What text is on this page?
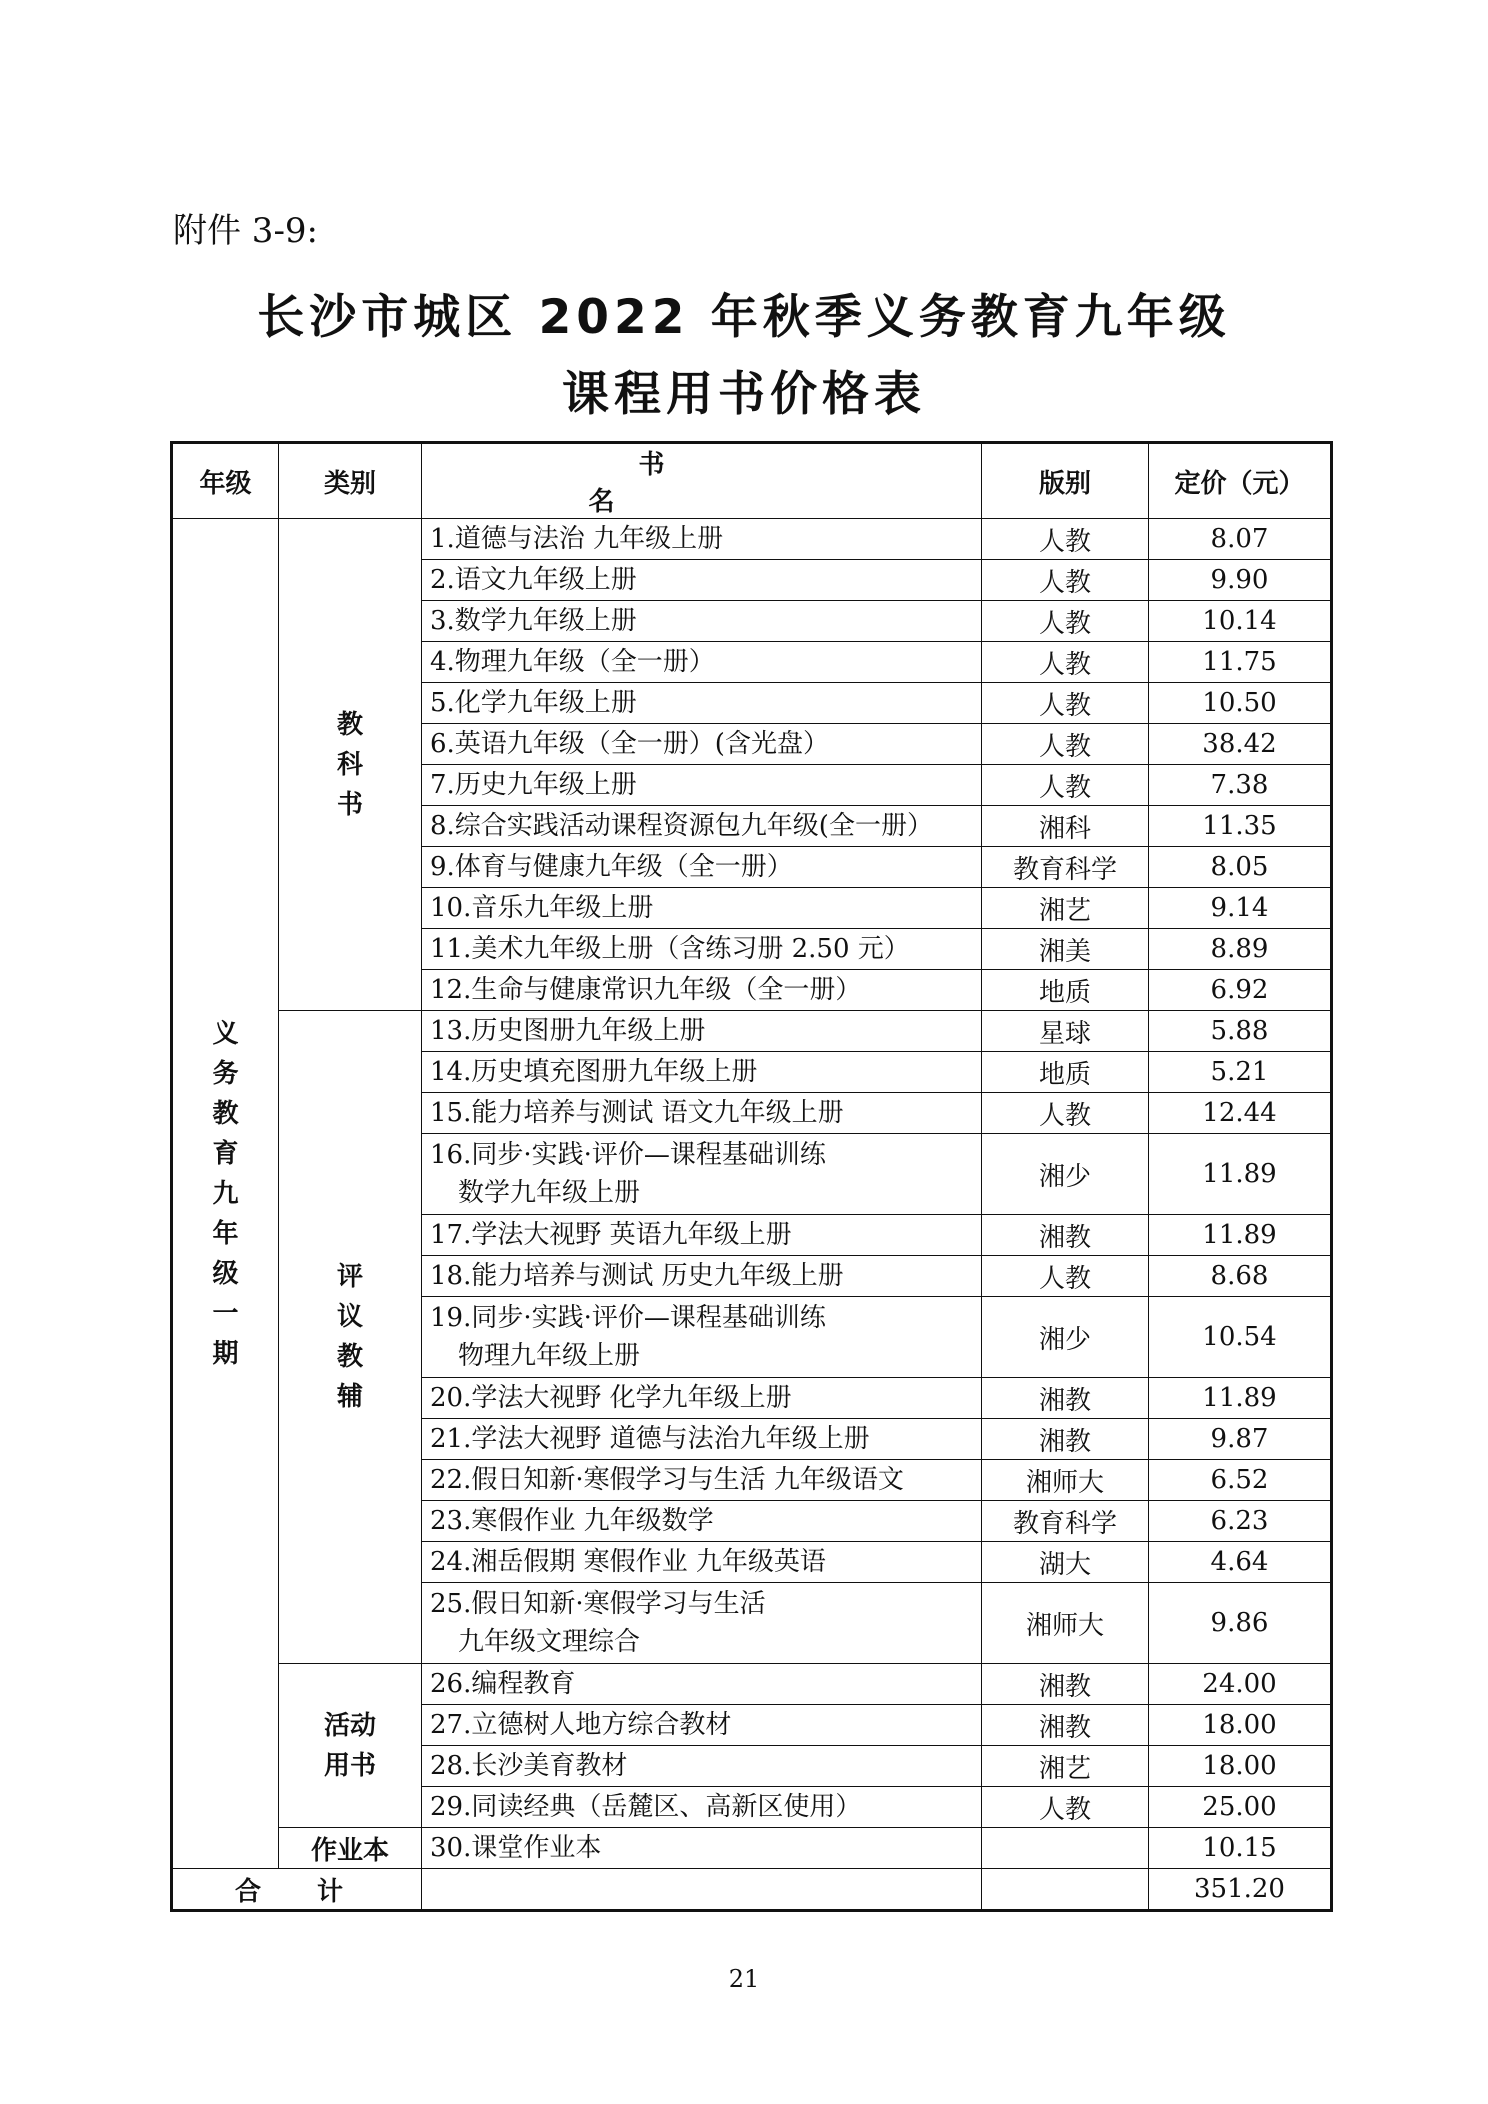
附件 3-9:
长沙市城区 2022 年秋季义务教育九年级
课程用书价格表
年级	类别	书 名	版别	定价（元）
义务教育九年级一期	教科书	1.道德与法治 九年级上册	人教	8.07
		2.语文九年级上册	人教	9.90
		3.数学九年级上册	人教	10.14
		4.物理九年级（全一册）	人教	11.75
		5.化学九年级上册	人教	10.50
		6.英语九年级（全一册）(含光盘）	人教	38.42
		7.历史九年级上册	人教	7.38
		8.综合实践活动课程资源包九年级(全一册）	湘科	11.35
		9.体育与健康九年级（全一册）	教育科学	8.05
		10.音乐九年级上册	湘艺	9.14
		11.美术九年级上册（含练习册 2.50 元）	湘美	8.89
		12.生命与健康常识九年级（全一册）	地质	6.92
	评议教辅	13.历史图册九年级上册	星球	5.88
		14.历史填充图册九年级上册	地质	5.21
		15.能力培养与测试 语文九年级上册	人教	12.44

		16.同步·实践·评价—课程基础训练
数学九年级上册	湘少	11.89
		17.学法大视野 英语九年级上册	湘教	11.89
		18.能力培养与测试 历史九年级上册	人教	8.68

		19.同步·实践·评价—课程基础训练
物理九年级上册	湘少	10.54
		20.学法大视野 化学九年级上册	湘教	11.89
		21.学法大视野 道德与法治九年级上册	湘教	9.87
		22.假日知新·寒假学习与生活 九年级语文	湘师大	6.52
		23.寒假作业 九年级数学	教育科学	6.23
		24.湘岳假期 寒假作业 九年级英语	湖大	4.64

		25.假日知新·寒假学习与生活
九年级文理综合	湘师大	9.86
	活动用书	26.编程教育	湘教	24.00
		27.立德树人地方综合教材	湘教	18.00
		28.长沙美育教材	湘艺	18.00
		29.同读经典（岳麓区、高新区使用）	人教	25.00
	作业本	30.课堂作业本		10.15
合计				351.20
21
